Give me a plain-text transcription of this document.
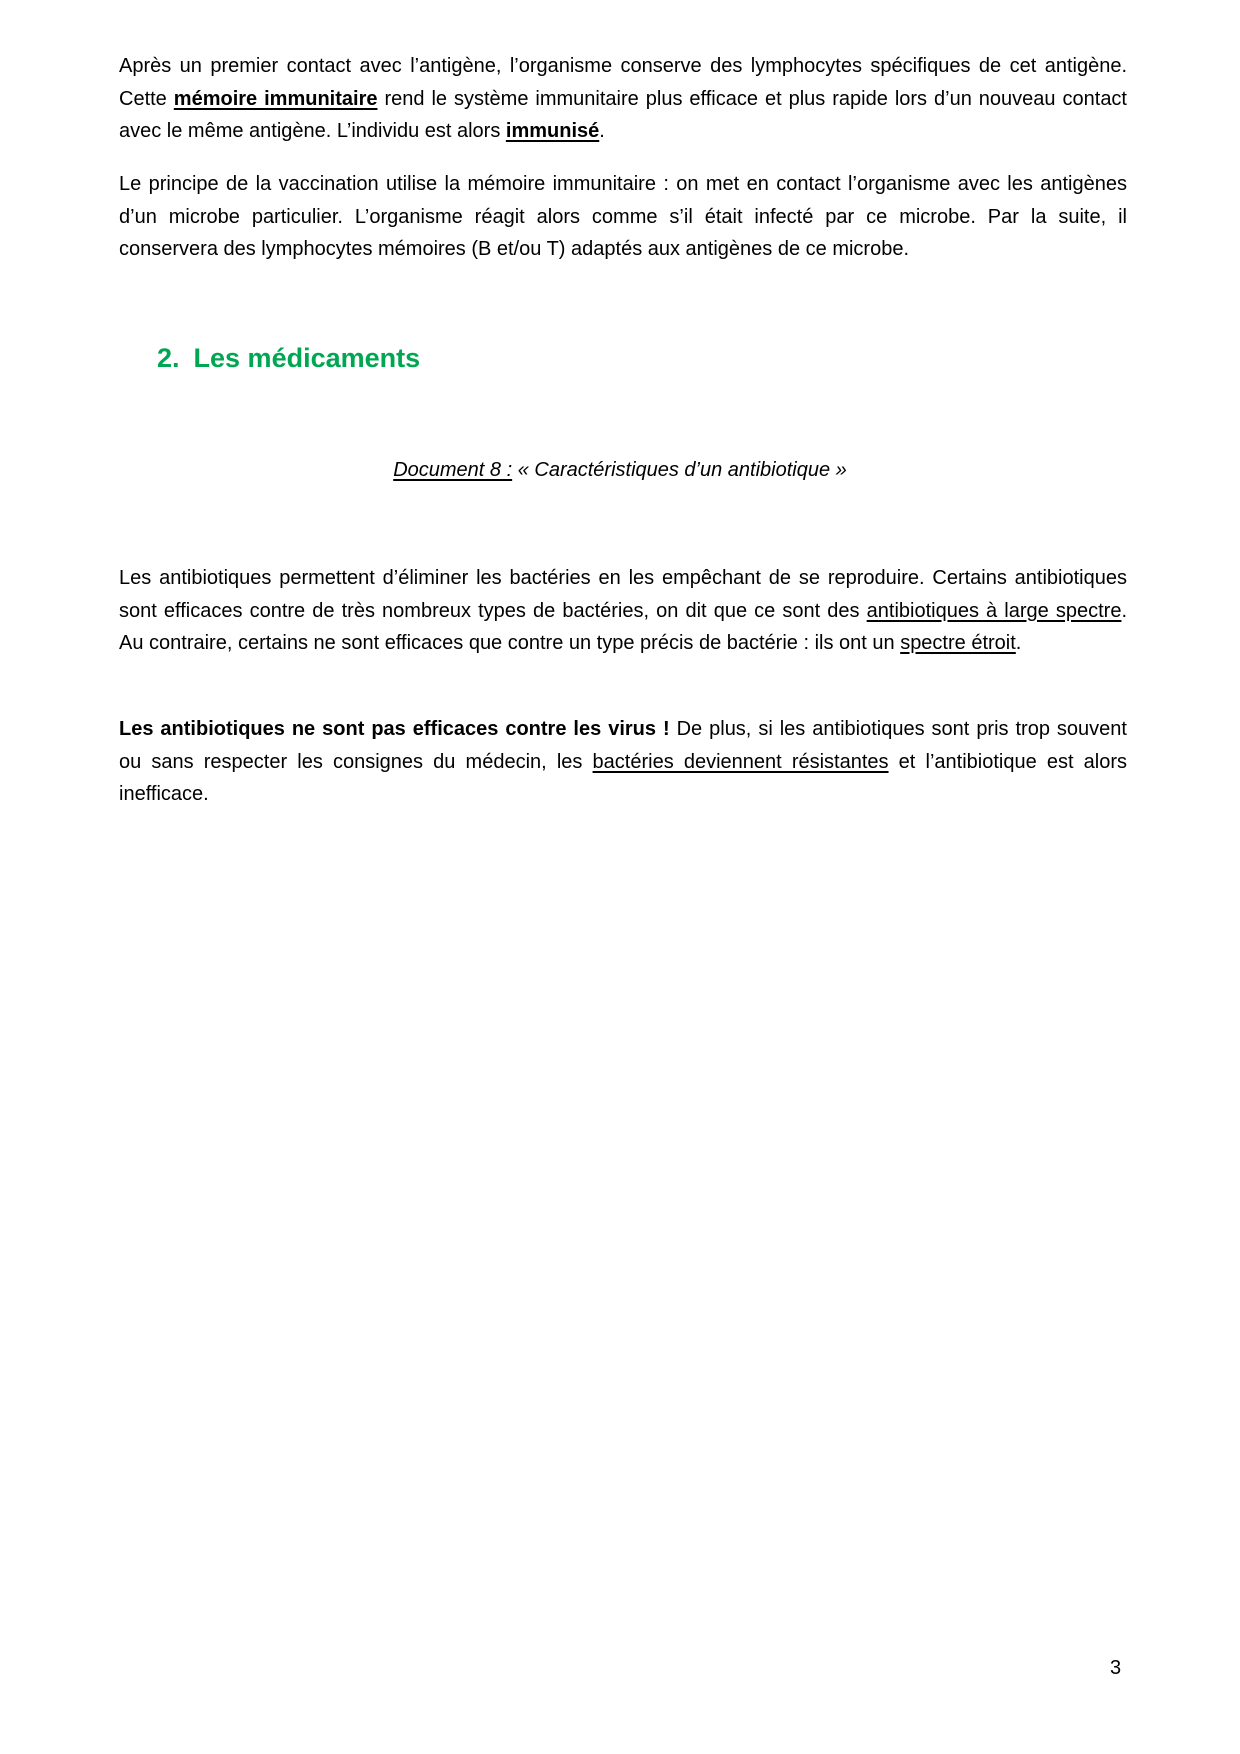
Après un premier contact avec l’antigène, l’organisme conserve des lymphocytes spécifiques de cet antigène. Cette mémoire immunitaire rend le système immunitaire plus efficace et plus rapide lors d’un nouveau contact avec le même antigène. L’individu est alors immunisé.

Le principe de la vaccination utilise la mémoire immunitaire : on met en contact l’organisme avec les antigènes d’un microbe particulier. L’organisme réagit alors comme s’il était infecté par ce microbe. Par la suite, il conservera des lymphocytes mémoires (B et/ou T) adaptés aux antigènes de ce microbe.

2. Les médicaments

Document 8 : « Caractéristiques d’un antibiotique »

Les antibiotiques permettent d’éliminer les bactéries en les empêchant de se reproduire. Certains antibiotiques sont efficaces contre de très nombreux types de bactéries, on dit que ce sont des antibiotiques à large spectre. Au contraire, certains ne sont efficaces que contre un type précis de bactérie : ils ont un spectre étroit.

Les antibiotiques ne sont pas efficaces contre les virus ! De plus, si les antibiotiques sont pris trop souvent ou sans respecter les consignes du médecin, les bactéries deviennent résistantes et l’antibiotique est alors inefficace.

3
